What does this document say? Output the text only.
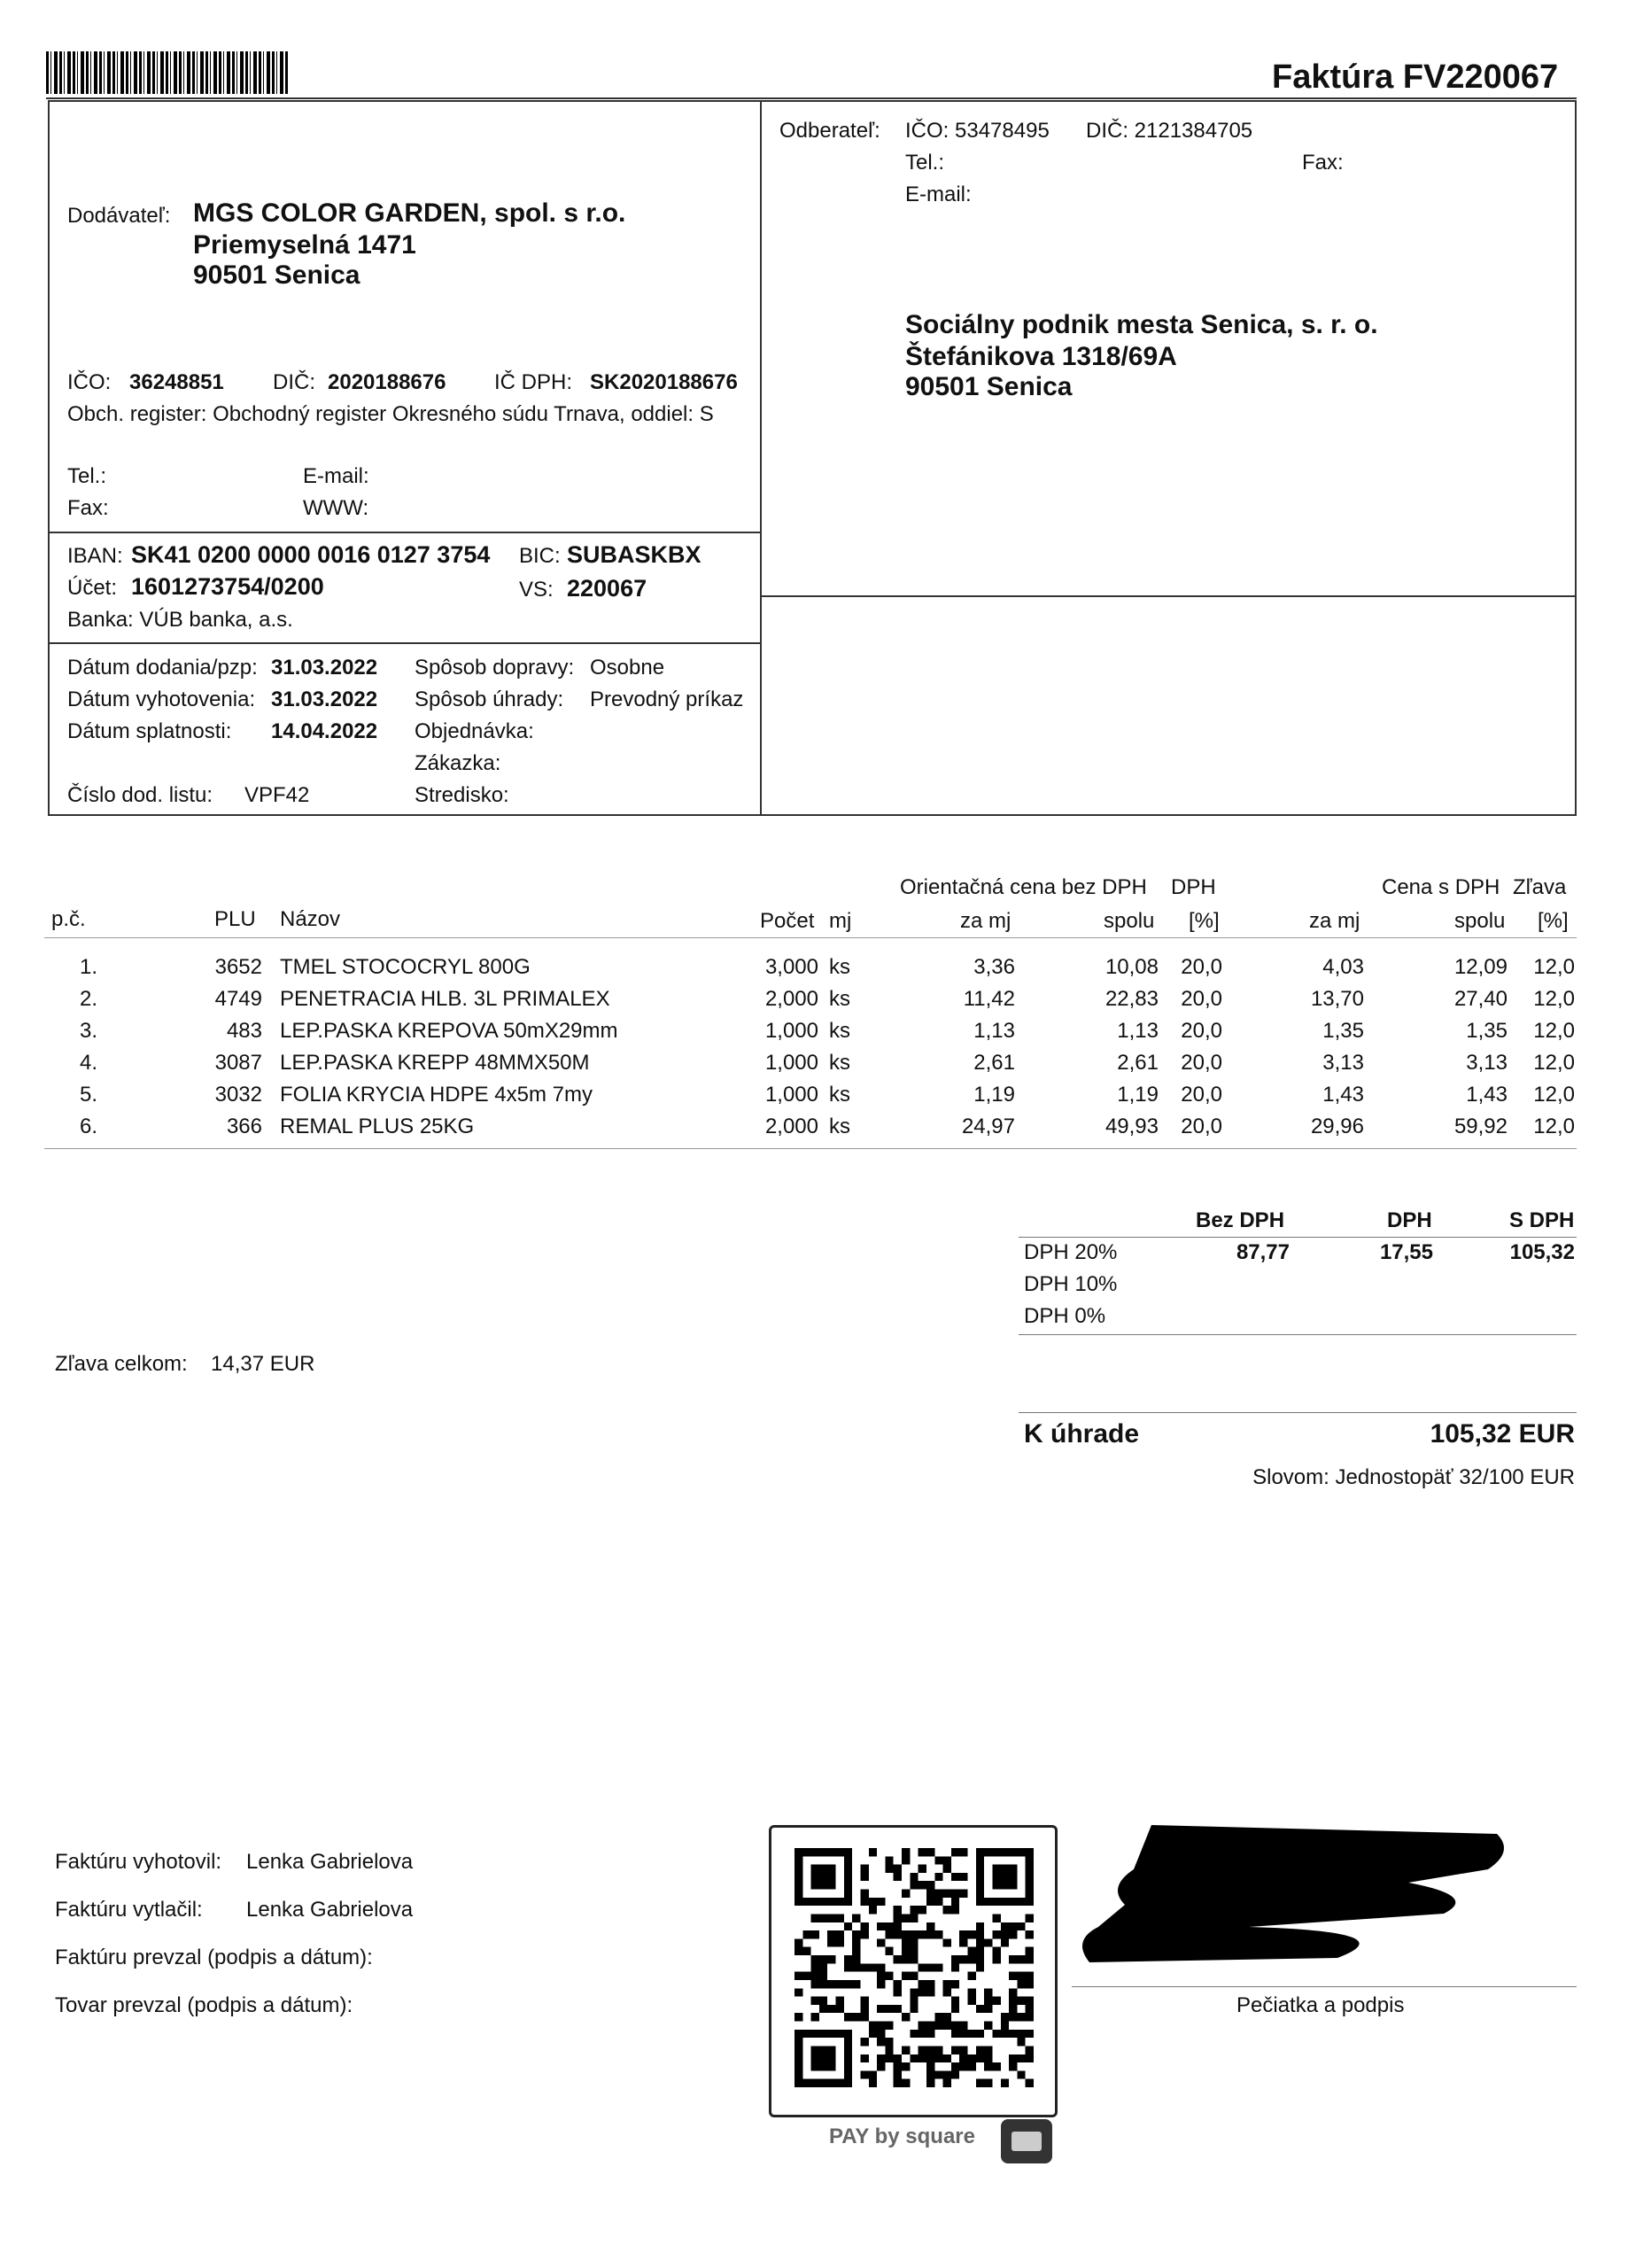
Faktúra FV220067
Dodávateľ: MGS COLOR GARDEN, spol. s r.o.
Priemyselná 1471
90501 Senica
IČO: 36248851 DIČ: 2020188676 IČ DPH: SK2020188676
Obch. register: Obchodný register Okresného súdu Trnava, oddiel: S
Tel.:
Fax:
E-mail:
WWW:
IBAN: SK41 0200 0000 0016 0127 3754 BIC: SUBASKBX
Účet: 1601273754/0200	VS: 220067
Banka: VÚB banka, a.s.
Dátum dodania/pzp: 31.03.2022
Dátum vyhotovenia: 31.03.2022
Dátum splatnosti: 14.04.2022
Číslo dod. listu: VPF42
Spôsob dopravy: Osobne
Spôsob úhrady: Prevodný príkaz
Objednávka:
Zákazka:
Stredisko:
Odberateľ: IČO: 53478495 DIČ: 2121384705
Tel.:	Fax:
E-mail:
Sociálny podnik mesta Senica, s. r. o.
Štefánikova 1318/69A
90501 Senica
Orientačná cena bez DPH DPH	Cena s DPH Zľava
p.č.	PLU Názov	Počet mj	za mj	spolu [%]	za mj	spolu [%]
1.	3652 TMEL STOCOCRYL 800G	3,000 ks	3,36	10,08	20,0	4,03	12,09	12,0
2.	4749 PENETRACIA HLB. 3L PRIMALEX	2,000 ks	11,42	22,83	20,0	13,70	27,40	12,0
3.	483 LEP.PASKA KREPOVA 50mX29mm	1,000 ks	1,13	1,13	20,0	1,35	1,35	12,0
4.	3087 LEP.PASKA KREPP 48MMX50M	1,000 ks	2,61	2,61	20,0	3,13	3,13	12,0
5.	3032 FOLIA KRYCIA HDPE 4x5m 7my	1,000 ks	1,19	1,19	20,0	1,43	1,43	12,0
6.	366 REMAL PLUS 25KG	2,000 ks	24,97	49,93	20,0	29,96	59,92	12,0
Bez DPH	DPH	S DPH
DPH 20%	87,77	17,55	105,32
DPH 10%
DPH 0%
Zľava celkom: 14,37 EUR
K úhrade	105,32 EUR
Slovom: Jednostopäť 32/100 EUR
Faktúru vyhotovil: Lenka Gabrielova
Faktúru vytlačil: Lenka Gabrielova
Faktúru prevzal (podpis a dátum):
Tovar prevzal (podpis a dátum):
PAY by square
Pečiatka a podpis
